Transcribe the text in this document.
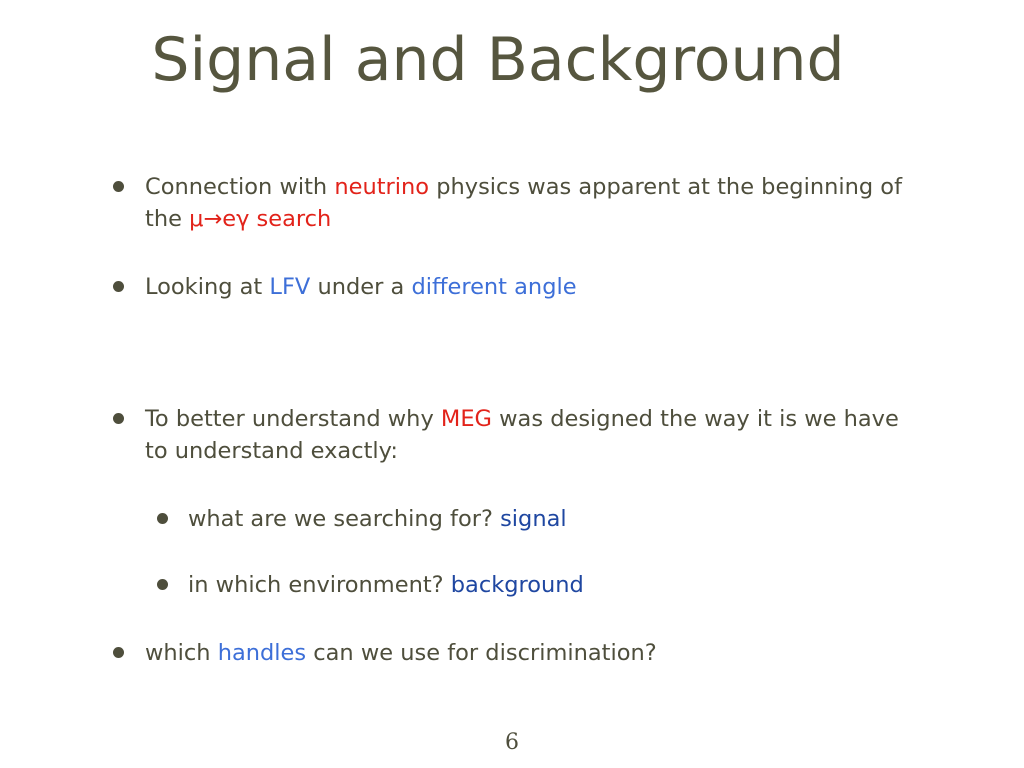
Signal and Background
Connection with neutrino physics was apparent at the beginning of
the μ→eγ search
Looking at LFV under a different angle
To better understand why MEG was designed the way it is we have
to understand exactly:
what are we searching for? signal
in which environment? background
which handles can we use for discrimination?
6
